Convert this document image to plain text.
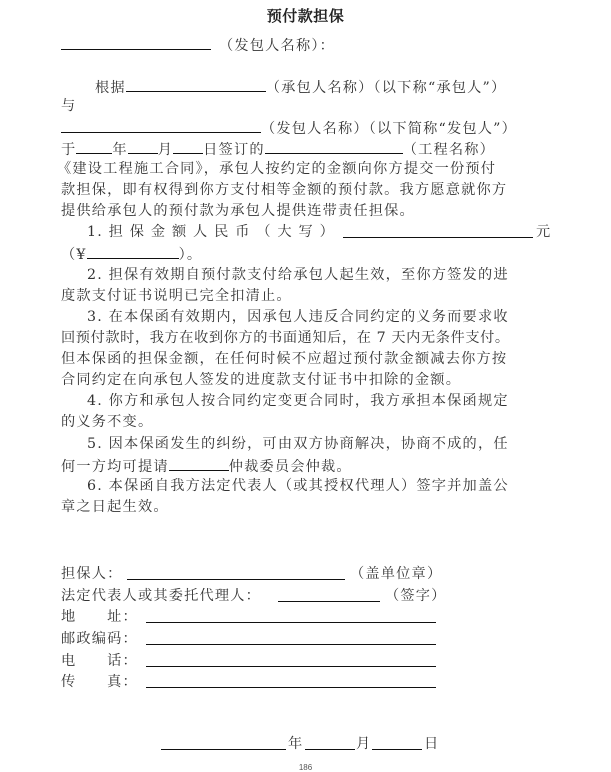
预付款担保
（发包人名称）：
根据	（承包人名称）（以下称“承包人”）
与
（发包人名称）（以下简称“发包人”）
于	年 月 日签订的	（工程名称）
《建设工程施工合同》，承包人按约定的金额向你方提交一份预付
款担保，即有权得到你方支付相等金额的预付款。我方愿意就你方
提供给承包人的预付款为承包人提供连带责任担保。
1. 担 保 金 额 人 民 币 （ 大 写 ）	元
（¥	）。
2. 担保有效期自预付款支付给承包人起生效，至你方签发的进
度款支付证书说明已完全扣清止。
3. 在本保函有效期内，因承包人违反合同约定的义务而要求收
回预付款时，我方在收到你方的书面通知后，在 7 天内无条件支付。
但本保函的担保金额，在任何时候不应超过预付款金额减去你方按
合同约定在向承包人签发的进度款支付证书中扣除的金额。
4. 你方和承包人按合同约定变更合同时，我方承担本保函规定
的义务不变。
5. 因本保函发生的纠纷，可由双方协商解决，协商不成的，任
何一方均可提请	仲裁委员会仲裁。
6. 本保函自我方法定代表人（或其授权代理人）签字并加盖公
章之日起生效。
担保人：	（盖单位章）
法定代表人或其委托代理人：	（签字）
地　　址：
邮政编码：
电　　话：
传　　真：
年	月	日
186
